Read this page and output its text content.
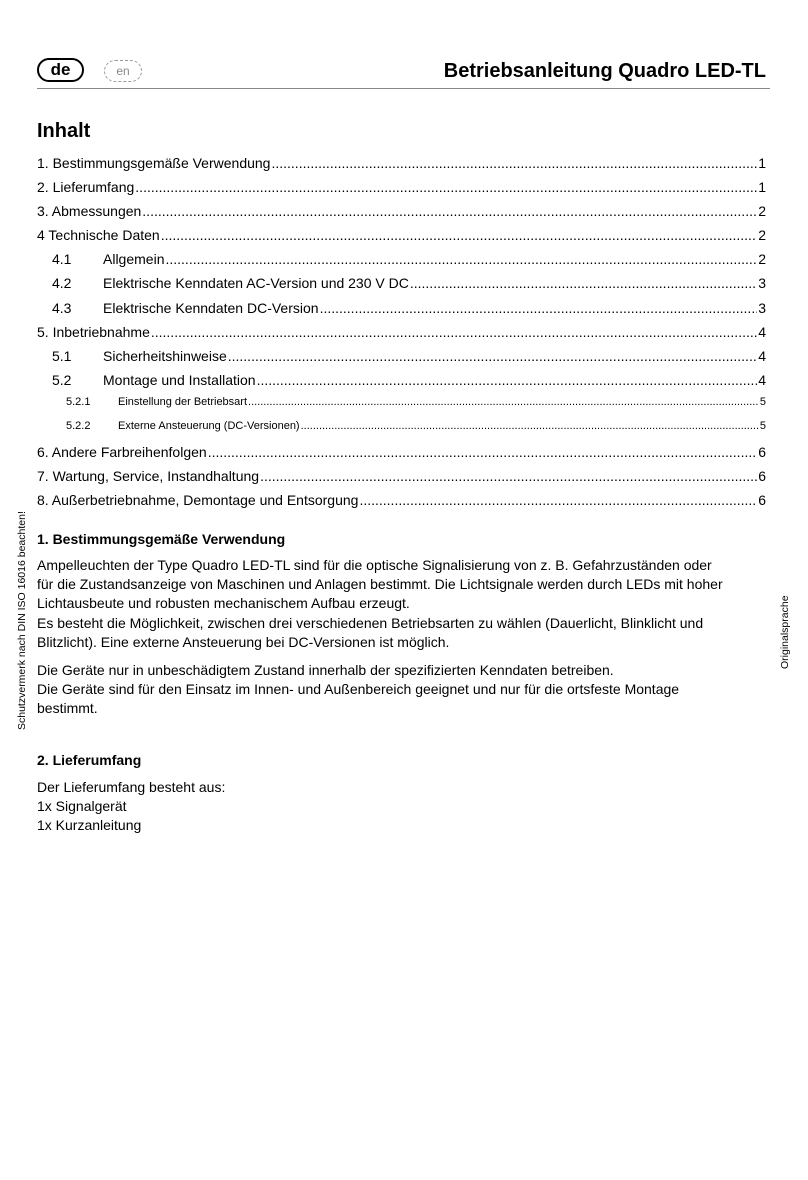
de	en	Betriebsanleitung Quadro LED-TL
Inhalt
1. Bestimmungsgemäße Verwendung .....	1
2. Lieferumfang .....	1
3. Abmessungen .....	2
4 Technische Daten .....	2
4.1	Allgemein .....	2
4.2	Elektrische Kenndaten AC-Version und 230 V DC .....	3
4.3	Elektrische Kenndaten DC-Version .....	3
5. Inbetriebnahme .....	4
5.1	Sicherheitshinweise .....	4
5.2	Montage und Installation .....	4
5.2.1	Einstellung der Betriebsart .....	5
5.2.2	Externe Ansteuerung (DC-Versionen) .....	5
6. Andere Farbreihenfolgen .....	6
7. Wartung, Service, Instandhaltung .....	6
8. Außerbetriebnahme, Demontage und Entsorgung .....	6
Schutzvermerk nach DIN ISO 16016 beachten!	Originalsprache
1. Bestimmungsgemäße Verwendung

Ampelleuchten der Type Quadro LED-TL sind für die optische Signalisierung von z. B. Gefahrzuständen oder
für die Zustandsanzeige von Maschinen und Anlagen bestimmt. Die Lichtsignale werden durch LEDs mit hoher
Lichtausbeute und robusten mechanischem Aufbau erzeugt.
Es besteht die Möglichkeit, zwischen drei verschiedenen Betriebsarten zu wählen (Dauerlicht, Blinklicht und
Blitzlicht). Eine externe Ansteuerung bei DC-Versionen ist möglich.

Die Geräte nur in unbeschädigtem Zustand innerhalb der spezifizierten Kenndaten betreiben.
Die Geräte sind für den Einsatz im Innen- und Außenbereich geeignet und nur für die ortsfeste Montage
bestimmt.

2. Lieferumfang

Der Lieferumfang besteht aus:
1x Signalgerät
1x Kurzanleitung
